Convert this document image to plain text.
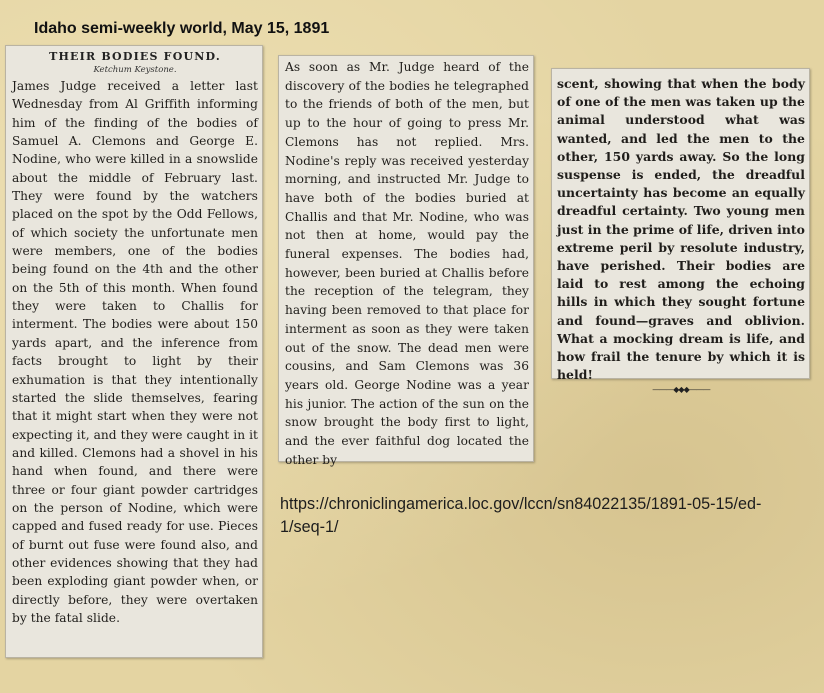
Idaho semi-weekly world, May 15, 1891

THEIR BODIES FOUND.

Ketchum Keystone.

James Judge received a letter last Wednesday from Al Griffith informing him of the finding of the bodies of Samuel A. Clemons and George E. Nodine, who were killed in a snowslide about the middle of February last. They were found by the watchers placed on the spot by the Odd Fellows, of which society the unfortunate men were members, one of the bodies being found on the 4th and the other on the 5th of this month. When found they were taken to Challis for interment. The bodies were about 150 yards apart, and the inference from facts brought to light by their exhumation is that they intentionally started the slide themselves, fearing that it might start when they were not expecting it, and they were caught in it and killed. Clemons had a shovel in his hand when found, and there were three or four giant powder cartridges on the person of Nodine, which were capped and fused ready for use. Pieces of burnt out fuse were found also, and other evidences showing that they had been exploding giant powder when, or directly before, they were overtaken by the fatal slide.

As soon as Mr. Judge heard of the discovery of the bodies he telegraphed to the friends of both of the men, but up to the hour of going to press Mr. Clemons has not replied. Mrs. Nodine's reply was received yesterday morning, and instructed Mr. Judge to have both of the bodies buried at Challis and that Mr. Nodine, who was not then at home, would pay the funeral expenses. The bodies had, however, been buried at Challis before the reception of the telegram, they having been removed to that place for interment as soon as they were taken out of the snow. The dead men were cousins, and Sam Clemons was 36 years old. George Nodine was a year his junior. The action of the sun on the snow brought the body first to light, and the ever faithful dog located the other by

scent, showing that when the body of one of the men was taken up the animal understood what was wanted, and led the men to the other, 150 yards away. So the long suspense is ended, the dreadful uncertainty has become an equally dreadful certainty. Two young men just in the prime of life, driven into extreme peril by resolute industry, have perished. Their bodies are laid to rest among the echoing hills in which they sought fortune and found—graves and oblivion. What a mocking dream is life, and how frail the tenure by which it is held!

———◆◆◆———
https://chroniclingamerica.loc.gov/lccn/sn84022135/1891-05-15/ed-1/seq-1/
